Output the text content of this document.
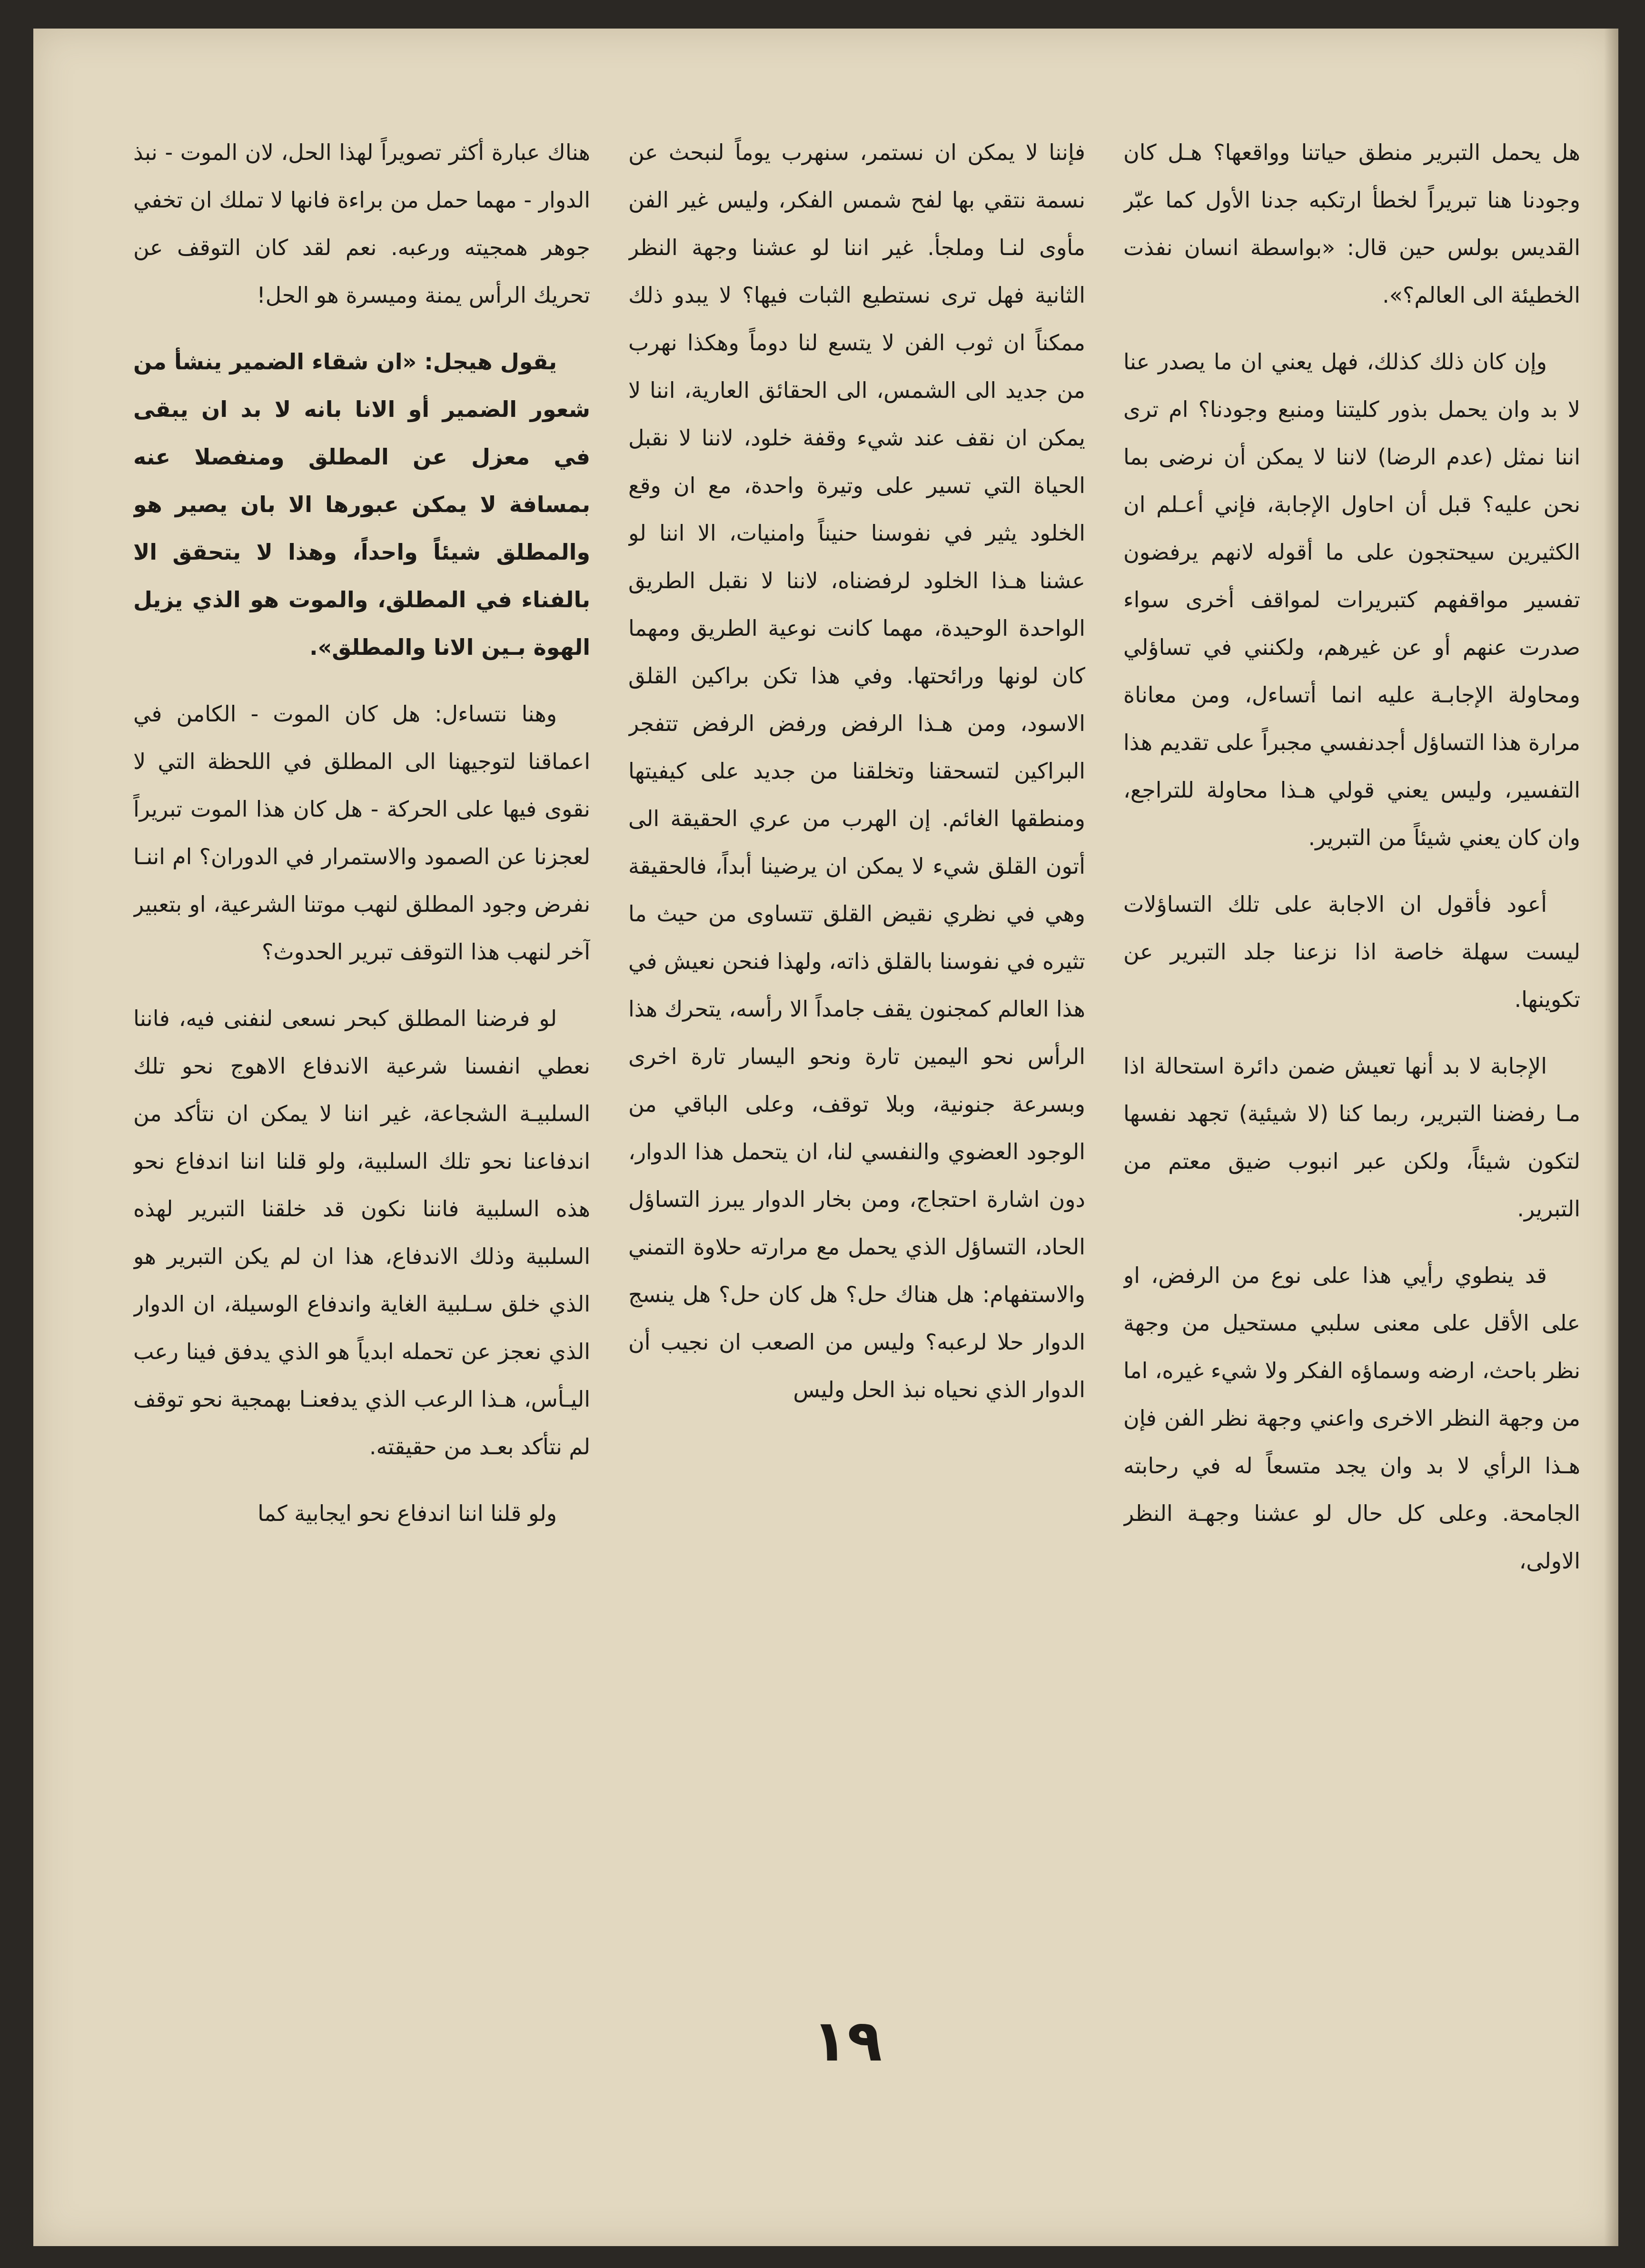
هل يحمل التبرير منطق حياتنا وواقعها؟ هـل كان وجودنا هنا تبريراً لخطأ ارتكبه جدنا الأول كما عبّر القديس بولس حين قال: «بواسطة انسان نفذت الخطيئة الى العالم؟».

وإن كان ذلك كذلك، فهل يعني ان ما يصدر عنا لا بد وان يحمل بذور كليتنا ومنبع وجودنا؟ ام ترى اننا نمثل (عدم الرضا) لاننا لا يمكن أن نرضى بما نحن عليه؟ قبل أن احاول الإجابة، فإني أعـلم ان الكثيرين سيحتجون على ما أقوله لانهم يرفضون تفسير مواقفهم كتبريرات لمواقف أخرى سواء صدرت عنهم أو عن غيرهم، ولكنني في تساؤلي ومحاولة الإجابـة عليه انما أتساءل، ومن معاناة مرارة هذا التساؤل أجدنفسي مجبراً على تقديم هذا التفسير، وليس يعني قولي هـذا محاولة للتراجع، وان كان يعني شيئاً من التبرير.

أعود فأقول ان الاجابة على تلك التساؤلات ليست سهلة خاصة اذا نزعنا جلد التبرير عن تكوينها.

الإجابة لا بد أنها تعيش ضمن دائرة استحالة اذا مـا رفضنا التبرير، ربما كنا (لا شيئية) تجهد نفسها لتكون شيئاً، ولكن عبر انبوب ضيق معتم من التبرير.

قد ينطوي رأيي هذا على نوع من الرفض، او على الأقل على معنى سلبي مستحيل من وجهة نظر باحث، ارضه وسماؤه الفكر ولا شيء غيره، اما من وجهة النظر الاخرى واعني وجهة نظر الفن فإن هـذا الرأي لا بد وان يجد متسعاً له في رحابته الجامحة. وعلى كل حال لو عشنا وجهـة النظر الاولى،

فإننا لا يمكن ان نستمر، سنهرب يوماً لنبحث عن نسمة نتقي بها لفح شمس الفكر، وليس غير الفن مأوى لنـا وملجأ. غير اننا لو عشنا وجهة النظر الثانية فهل ترى نستطيع الثبات فيها؟ لا يبدو ذلك ممكناً ان ثوب الفن لا يتسع لنا دوماً وهكذا نهرب من جديد الى الشمس، الى الحقائق العارية، اننا لا يمكن ان نقف عند شيء وقفة خلود، لاننا لا نقبل الحياة التي تسير على وتيرة واحدة، مع ان وقع الخلود يثير في نفوسنا حنيناً وامنيات، الا اننا لو عشنا هـذا الخلود لرفضناه، لاننا لا نقبل الطريق الواحدة الوحيدة، مهما كانت نوعية الطريق ومهما كان لونها ورائحتها. وفي هذا تكن براكين القلق الاسود، ومن هـذا الرفض ورفض الرفض تتفجر البراكين لتسحقنا وتخلقنا من جديد على كيفيتها ومنطقها الغائم. إن الهرب من عري الحقيقة الى أتون القلق شيء لا يمكن ان يرضينا أبداً، فالحقيقة وهي في نظري نقيض القلق تتساوى من حيث ما تثيره في نفوسنا بالقلق ذاته، ولهذا فنحن نعيش في هذا العالم كمجنون يقف جامداً الا رأسه، يتحرك هذا الرأس نحو اليمين تارة ونحو اليسار تارة اخرى وبسرعة جنونية، وبلا توقف، وعلى الباقي من الوجود العضوي والنفسي لنا، ان يتحمل هذا الدوار، دون اشارة احتجاج، ومن بخار الدوار يبرز التساؤل الحاد، التساؤل الذي يحمل مع مرارته حلاوة التمني والاستفهام: هل هناك حل؟ هل كان حل؟ هل ينسج الدوار حلا لرعبه؟ وليس من الصعب ان نجيب أن الدوار الذي نحياه نبذ الحل وليس

هناك عبارة أكثر تصويراً لهذا الحل، لان الموت - نبذ الدوار - مهما حمل من براءة فانها لا تملك ان تخفي جوهر همجيته ورعبه. نعم لقد كان التوقف عن تحريك الرأس يمنة وميسرة هو الحل!

يقول هيجل: «ان شقاء الضمير ينشأ من شعور الضمير أو الانا بانه لا بد ان يبقى في معزل عن المطلق ومنفصلا عنه بمسافة لا يمكن عبورها الا بان يصير هو والمطلق شيئاً واحداً، وهذا لا يتحقق الا بالفناء في المطلق، والموت هو الذي يزيل الهوة بـين الانا والمطلق».

وهنا نتساءل: هل كان الموت - الكامن في اعماقنا لتوجيهنا الى المطلق في اللحظة التي لا نقوى فيها على الحركة - هل كان هذا الموت تبريراً لعجزنا عن الصمود والاستمرار في الدوران؟ ام اننـا نفرض وجود المطلق لنهب موتنا الشرعية، او بتعبير آخر لنهب هذا التوقف تبرير الحدوث؟

لو فرضنا المطلق كبحر نسعى لنفنى فيه، فاننا نعطي انفسنا شرعية الاندفاع الاهوج نحو تلك السلبيـة الشجاعة، غير اننا لا يمكن ان نتأكد من اندفاعنا نحو تلك السلبية، ولو قلنا اننا اندفاع نحو هذه السلبية فاننا نكون قد خلقنا التبرير لهذه السلبية وذلك الاندفاع، هذا ان لم يكن التبرير هو الذي خلق سـلبية الغاية واندفاع الوسيلة، ان الدوار الذي نعجز عن تحمله ابدياً هو الذي يدفق فينا رعب اليـأس، هـذا الرعب الذي يدفعنـا بهمجية نحو توقف لم نتأكد بعـد من حقيقته.

ولو قلنا اننا اندفاع نحو ايجابية كما

١٩
